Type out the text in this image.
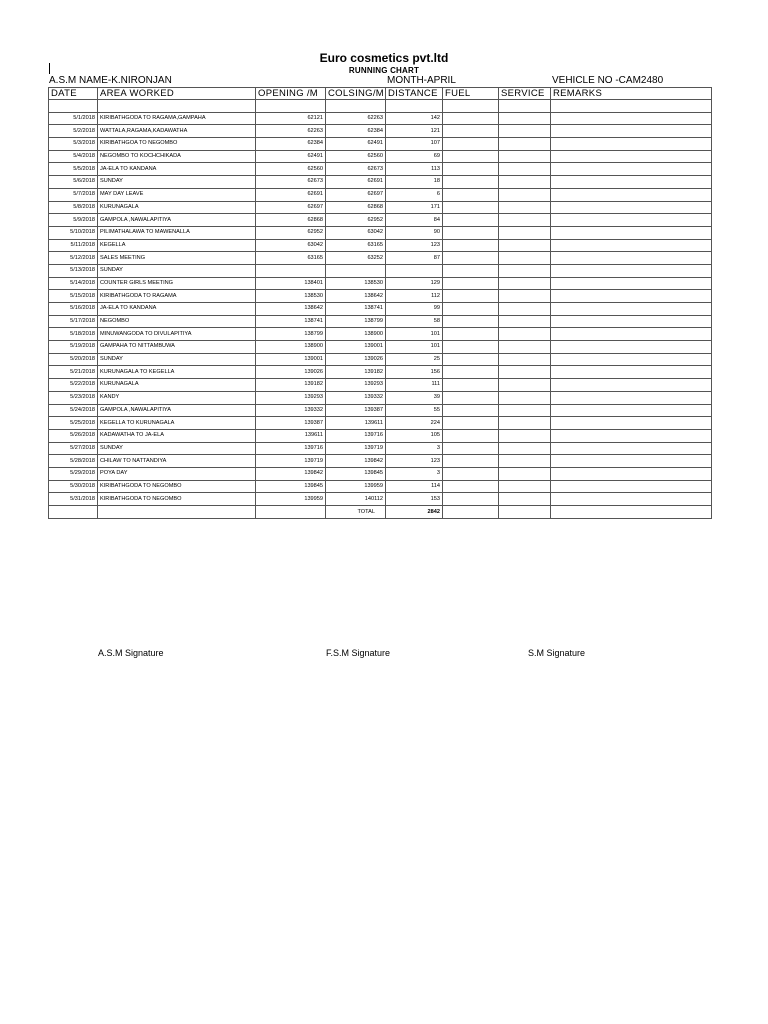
Euro cosmetics pvt.ltd
RUNNING CHART
A.S.M NAME-K.NIRONJAN	MONTH-APRIL	VEHICLE NO -CAM2480
DATE	AREA WORKED	OPENING /M	COLSING/M	DISTANCE	FUEL	SERVICE	REMARKS

5/1/2018	KIRIBATHGODA TO RAGAMA,GAMPAHA	62121	62263	142			
5/2/2018	WATTALA,RAGAMA,KADAWATHA	62263	62384	121			
5/3/2018	KIRIBATHGOA TO NEGOMBO	62384	62491	107			
5/4/2018	NEGOMBO TO KOCHCHIKADA	62491	62560	69			
5/5/2018	JA-ELA TO KANDANA	62560	62673	113			
5/6/2018	SUNDAY	62673	62691	18			
5/7/2018	MAY DAY LEAVE	62691	62697	6			
5/8/2018	KURUNAGALA	62697	62868	171			
5/9/2018	GAMPOLA ,NAWALAPITIYA	62868	62952	84			
5/10/2018	PILIMATHALAWA TO MAWENALLA	62952	63042	90			
5/11/2018	KEGELLA	63042	63165	123			
5/12/2018	SALES MEETING	63165	63252	87			
5/13/2018	SUNDAY						
5/14/2018	COUNTER GIRLS MEETING	138401	138530	129			
5/15/2018	KIRIBATHGODA TO RAGAMA	138530	138642	112			
5/16/2018	JA-ELA TO KANDANA	138642	138741	99			
5/17/2018	NEGOMBO	138741	138799	58			
5/18/2018	MINUWANGODA TO DIVULAPITIYA	138799	138900	101			
5/19/2018	GAMPAHA TO NITTAMBUWA	138900	139001	101			
5/20/2018	SUNDAY	139001	139026	25			
5/21/2018	KURUNAGALA TO KEGELLA	139026	139182	156			
5/22/2018	KURUNAGALA	139182	139293	111			
5/23/2018	KANDY	139293	139332	39			
5/24/2018	GAMPOLA ,NAWALAPITIYA	139332	139387	55			
5/25/2018	KEGELLA TO KURUNAGALA	139387	139611	224			
5/26/2018	KADAWATHA TO JA-ELA	139611	139716	105			
5/27/2018	SUNDAY	139716	139719	3			
5/28/2018	CHILAW TO NATTANDIYA	139719	139842	123			
5/29/2018	POYA DAY	139842	139845	3			
5/30/2018	KIRIBATHGODA TO NEGOMBO	139845	139959	114			
5/31/2018	KIRIBATHGODA TO NEGOMBO	139959	140112	153			
			TOTAL	2842			
A.S.M Signature	F.S.M Signature	S.M Signature
